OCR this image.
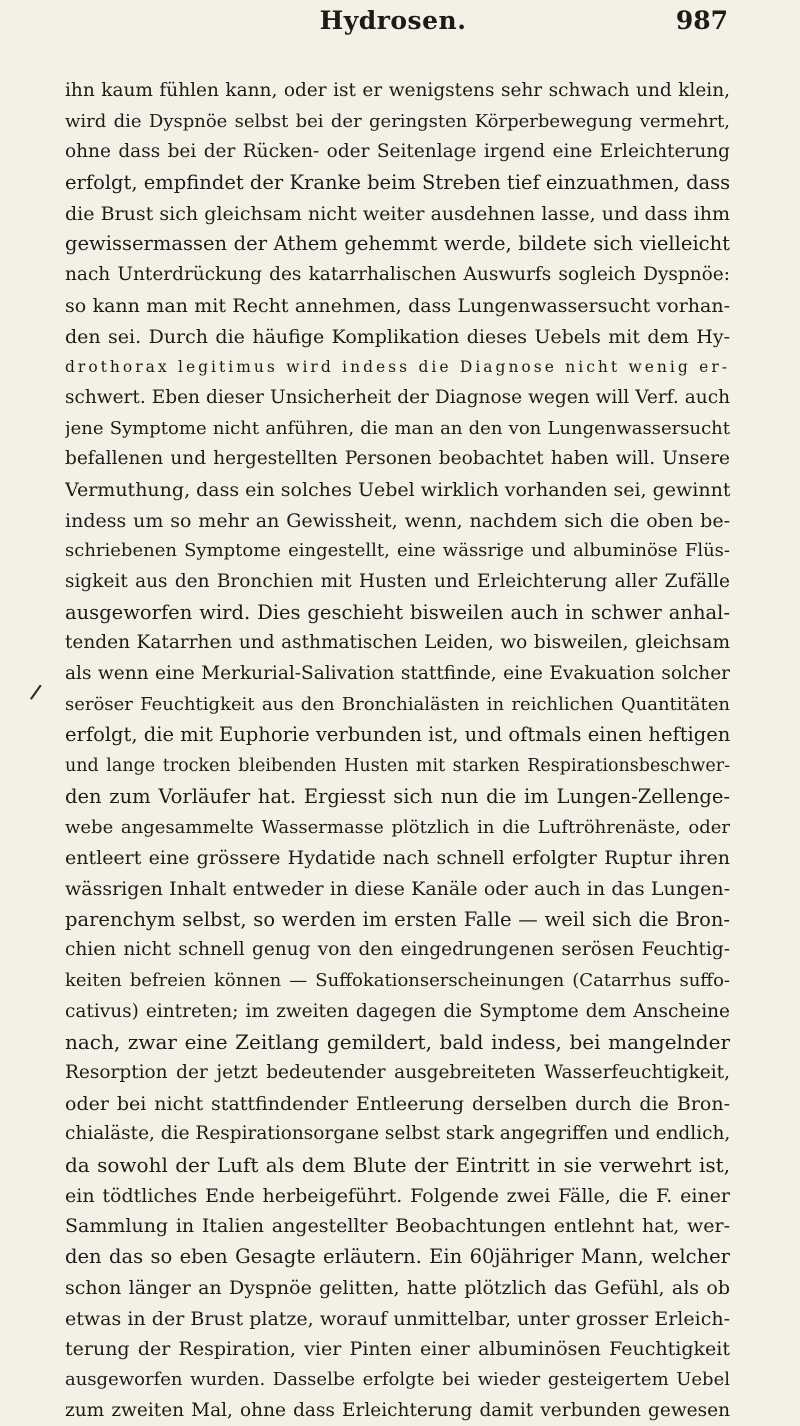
Hydrosen.	987
/
ihn kaum fühlen kann, oder ist er wenigstens sehr schwach und klein,
wird die Dyspnöe selbst bei der geringsten Körperbewegung vermehrt,
ohne dass bei der Rücken- oder Seitenlage irgend eine Erleichterung
erfolgt, empfindet der Kranke beim Streben tief einzuathmen, dass
die Brust sich gleichsam nicht weiter ausdehnen lasse, und dass ihm
gewissermassen der Athem gehemmt werde, bildete sich vielleicht
nach Unterdrückung des katarrhalischen Auswurfs sogleich Dyspnöe:
so kann man mit Recht annehmen, dass Lungenwassersucht vorhan-
den sei. Durch die häufige Komplikation dieses Uebels mit dem Hy-
drothorax legitimus wird indess die Diagnose nicht wenig er-
schwert. Eben dieser Unsicherheit der Diagnose wegen will Verf. auch
jene Symptome nicht anführen, die man an den von Lungenwassersucht
befallenen und hergestellten Personen beobachtet haben will. Unsere
Vermuthung, dass ein solches Uebel wirklich vorhanden sei, gewinnt
indess um so mehr an Gewissheit, wenn, nachdem sich die oben be-
schriebenen Symptome eingestellt, eine wässrige und albuminöse Flüs-
sigkeit aus den Bronchien mit Husten und Erleichterung aller Zufälle
ausgeworfen wird. Dies geschieht bisweilen auch in schwer anhal-
tenden Katarrhen und asthmatischen Leiden, wo bisweilen, gleichsam
als wenn eine Merkurial-Salivation stattfinde, eine Evakuation solcher
seröser Feuchtigkeit aus den Bronchialästen in reichlichen Quantitäten
erfolgt, die mit Euphorie verbunden ist, und oftmals einen heftigen
und lange trocken bleibenden Husten mit starken Respirationsbeschwer-
den zum Vorläufer hat. Ergiesst sich nun die im Lungen-Zellenge-
webe angesammelte Wassermasse plötzlich in die Luftröhrenäste, oder
entleert eine grössere Hydatide nach schnell erfolgter Ruptur ihren
wässrigen Inhalt entweder in diese Kanäle oder auch in das Lungen-
parenchym selbst, so werden im ersten Falle — weil sich die Bron-
chien nicht schnell genug von den eingedrungenen serösen Feuchtig-
keiten befreien können — Suffokationserscheinungen (Catarrhus suffo-
cativus) eintreten; im zweiten dagegen die Symptome dem Anscheine
nach, zwar eine Zeitlang gemildert, bald indess, bei mangelnder
Resorption der jetzt bedeutender ausgebreiteten Wasserfeuchtigkeit,
oder bei nicht stattfindender Entleerung derselben durch die Bron-
chialäste, die Respirationsorgane selbst stark angegriffen und endlich,
da sowohl der Luft als dem Blute der Eintritt in sie verwehrt ist,
ein tödtliches Ende herbeigeführt. Folgende zwei Fälle, die F. einer
Sammlung in Italien angestellter Beobachtungen entlehnt hat, wer-
den das so eben Gesagte erläutern. Ein 60jähriger Mann, welcher
schon länger an Dyspnöe gelitten, hatte plötzlich das Gefühl, als ob
etwas in der Brust platze, worauf unmittelbar, unter grosser Erleich-
terung der Respiration, vier Pinten einer albuminösen Feuchtigkeit
ausgeworfen wurden. Dasselbe erfolgte bei wieder gesteigertem Uebel
zum zweiten Mal, ohne dass Erleichterung damit verbunden gewesen
